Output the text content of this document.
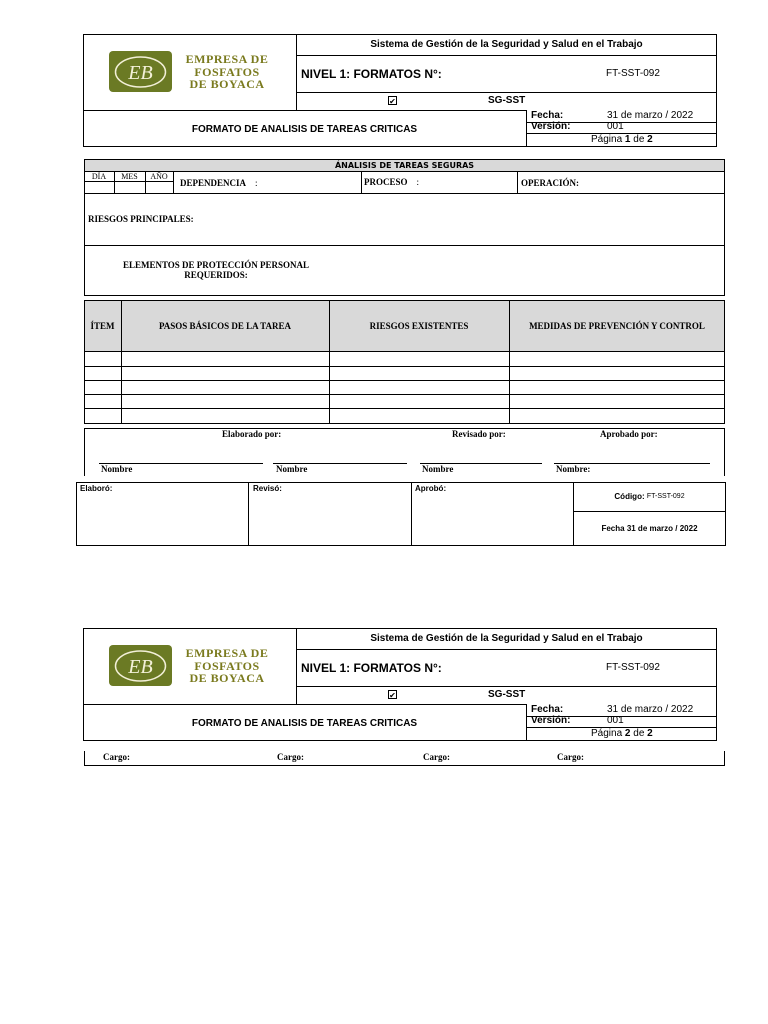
EB
EMPRESA DE
FOSFATOS
DE BOYACA
Sistema de Gestión de la Seguridad y Salud en el Trabajo
NIVEL 1: FORMATOS N°:	FT-SST-092
✔	SG-SST
FORMATO DE ANALISIS DE TAREAS CRITICAS
Fecha:	31 de marzo / 2022
Versión:	001
Página 1 de 2
ÁNALISIS DE TAREAS SEGURAS
DÍA	MES	AÑO
DEPENDENCIA :	PROCESO :	OPERACIÓN:
RIESGOS PRINCIPALES:
ELEMENTOS DE PROTECCIÓN PERSONAL
REQUERIDOS:
ÍTEM	PASOS BÁSICOS DE LA TAREA	RIESGOS EXISTENTES	MEDIDAS DE PREVENCIÓN Y CONTROL
Elaborado por:	Revisado por:	Aprobado por:
Nombre	Nombre	Nombre	Nombre:
Elaboró:	Revisó:	Aprobó:
Código:
FT-SST-092
Fecha 31 de marzo / 2022
EB
EMPRESA DE
FOSFATOS
DE BOYACA
Sistema de Gestión de la Seguridad y Salud en el Trabajo
NIVEL 1: FORMATOS N°:	FT-SST-092
✔	SG-SST
FORMATO DE ANALISIS DE TAREAS CRITICAS
Fecha:	31 de marzo / 2022
Versión:	001
Página 2 de 2
Cargo:	Cargo:	Cargo:	Cargo:
